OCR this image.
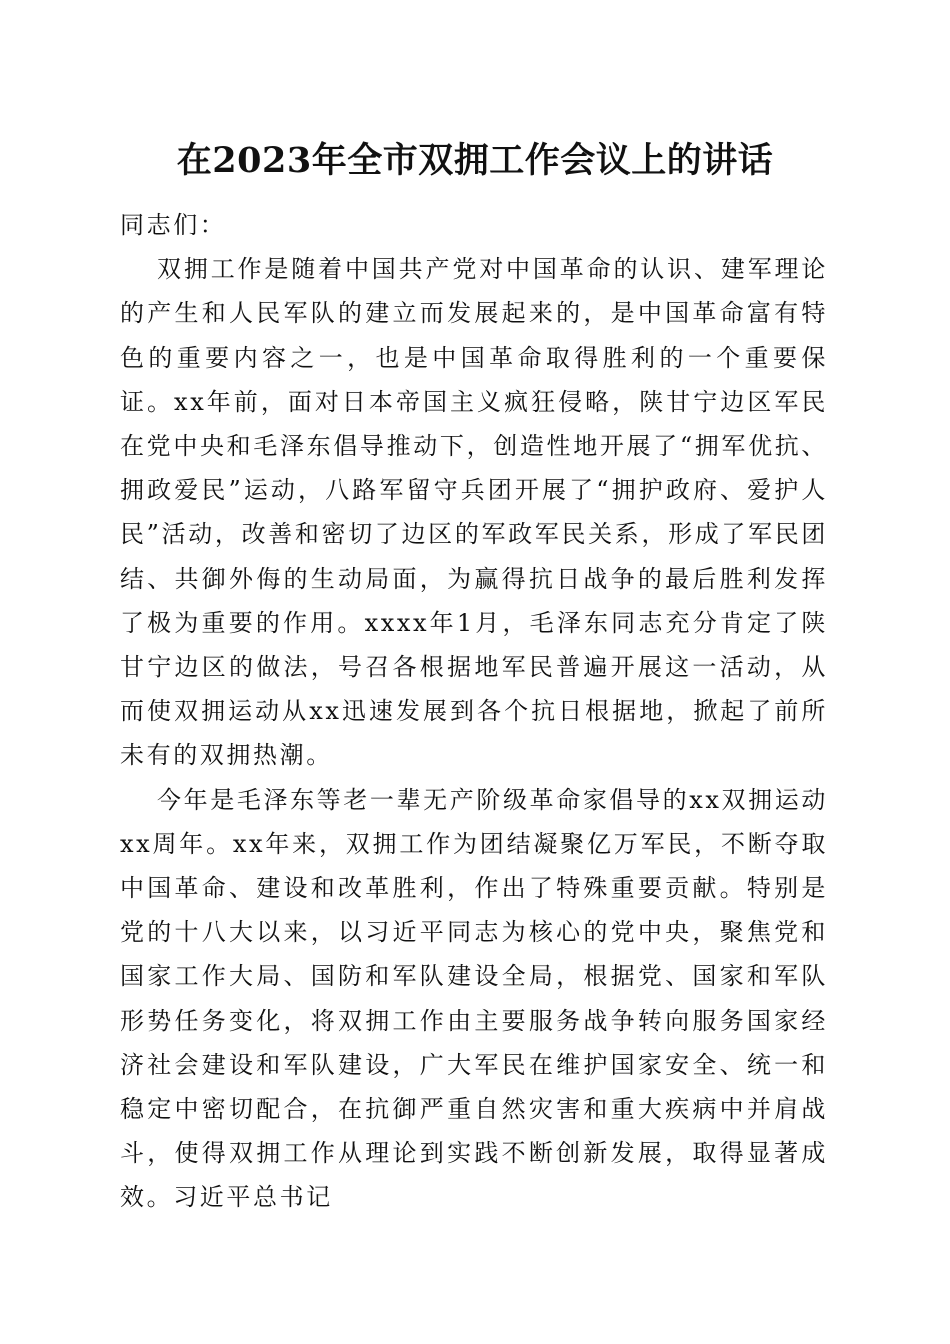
在2023年全市双拥工作会议上的讲话

同志们：

双拥工作是随着中国共产党对中国革命的认识、建军理论的产生和人民军队的建立而发展起来的，是中国革命富有特色的重要内容之一，也是中国革命取得胜利的一个重要保证。xx年前，面对日本帝国主义疯狂侵略，陕甘宁边区军民在党中央和毛泽东倡导推动下，创造性地开展了“拥军优抗、拥政爱民”运动，八路军留守兵团开展了“拥护政府、爱护人民”活动，改善和密切了边区的军政军民关系，形成了军民团结、共御外侮的生动局面，为赢得抗日战争的最后胜利发挥了极为重要的作用。xxxx年1月，毛泽东同志充分肯定了陕甘宁边区的做法，号召各根据地军民普遍开展这一活动，从而使双拥运动从xx迅速发展到各个抗日根据地，掀起了前所未有的双拥热潮。

今年是毛泽东等老一辈无产阶级革命家倡导的xx双拥运动xx周年。xx年来，双拥工作为团结凝聚亿万军民，不断夺取中国革命、建设和改革胜利，作出了特殊重要贡献。特别是党的十八大以来，以习近平同志为核心的党中央，聚焦党和国家工作大局、国防和军队建设全局，根据党、国家和军队形势任务变化，将双拥工作由主要服务战争转向服务国家经济社会建设和军队建设，广大军民在维护国家安全、统一和稳定中密切配合，在抗御严重自然灾害和重大疾病中并肩战斗，使得双拥工作从理论到实践不断创新发展，取得显著成效。习近平总书记
